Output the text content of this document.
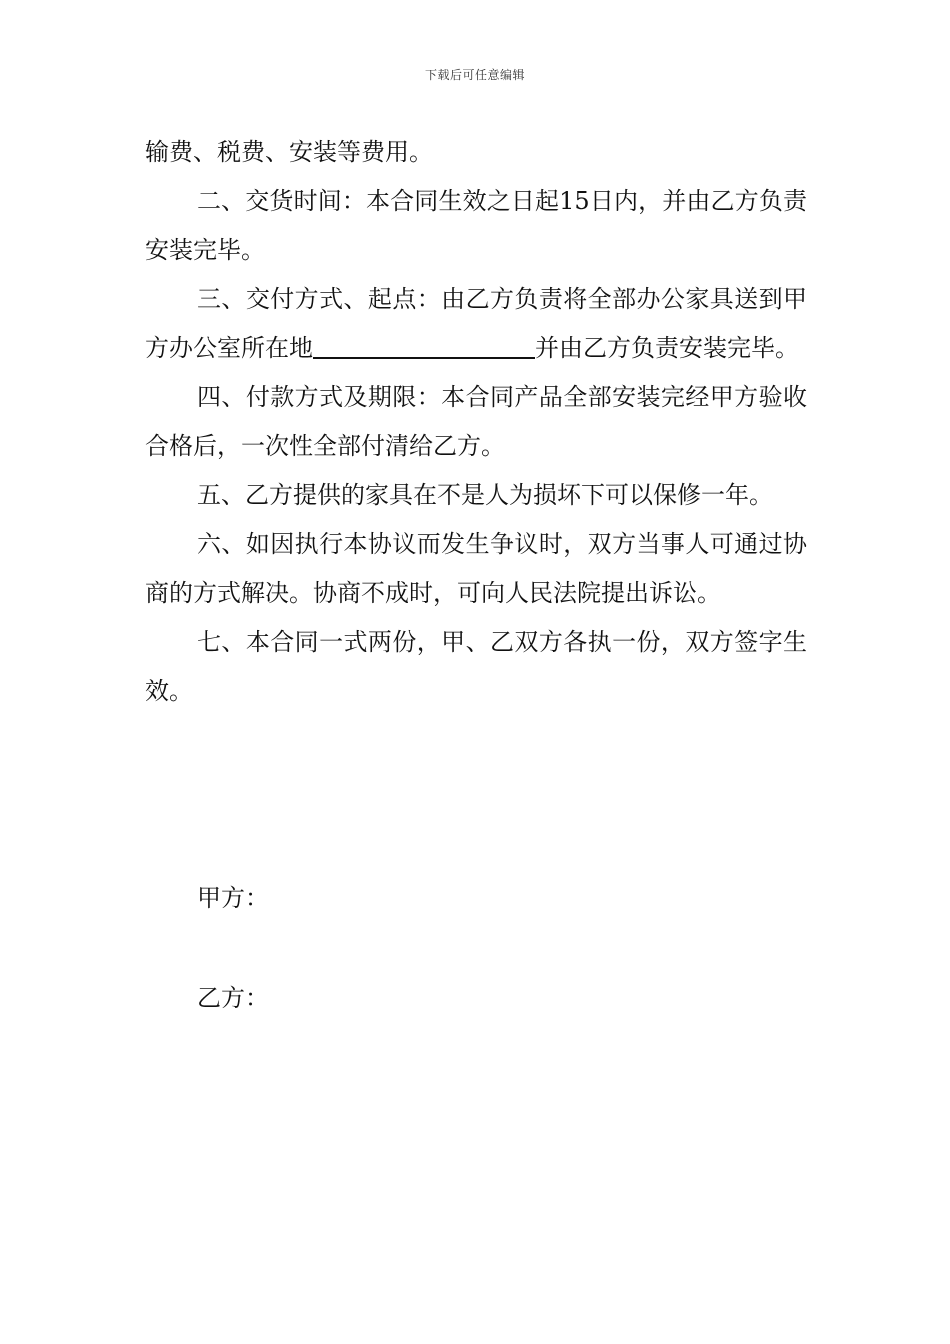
下载后可任意编辑

输费、税费、安装等费用。

二、交货时间：本合同生效之日起15日内，并由乙方负责安装完毕。

三、交付方式、起点：由乙方负责将全部办公家具送到甲方办公室所在地	并由乙方负责安装完毕。

四、付款方式及期限：本合同产品全部安装完经甲方验收合格后，一次性全部付清给乙方。

五、乙方提供的家具在不是人为损坏下可以保修一年。

六、如因执行本协议而发生争议时，双方当事人可通过协商的方式解决。协商不成时，可向人民法院提出诉讼。

七、本合同一式两份，甲、乙双方各执一份，双方签字生效。

甲方：
乙方：
